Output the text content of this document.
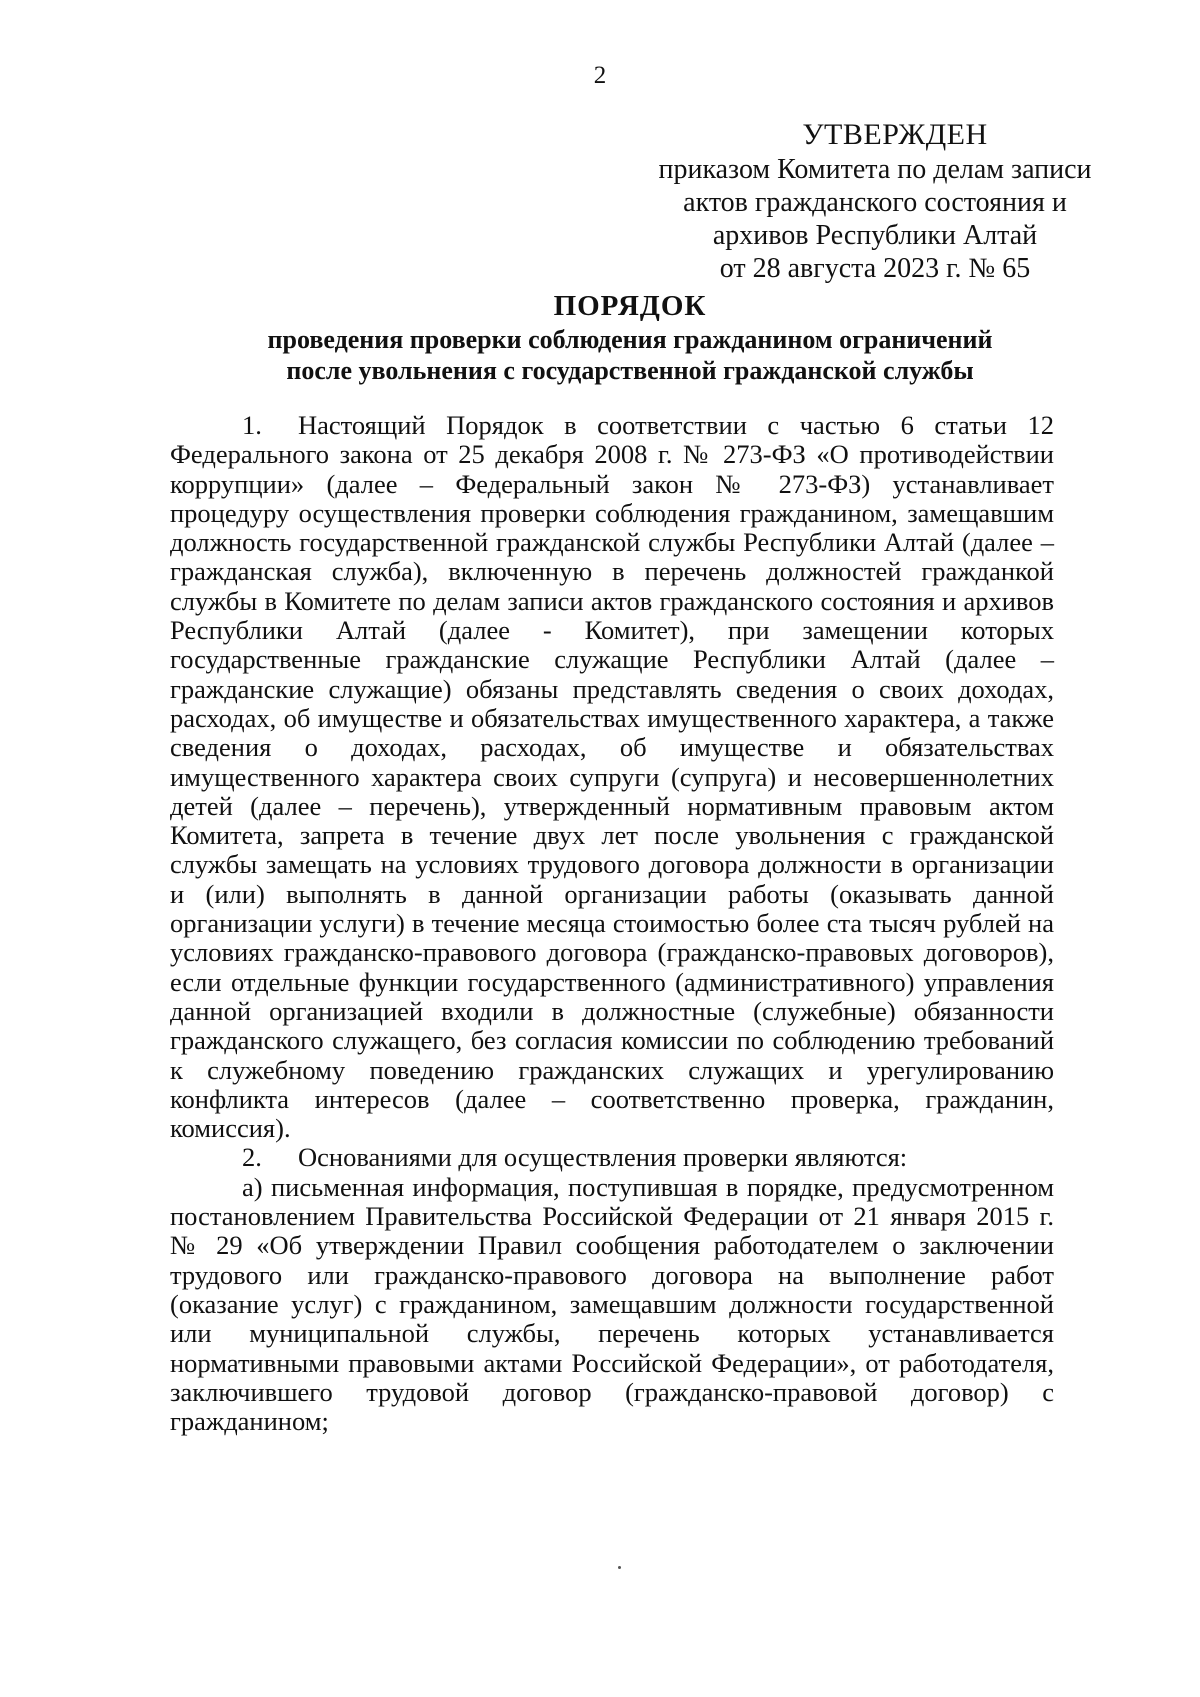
2
УТВЕРЖДЕН
приказом Комитета по делам записи
актов гражданского состояния и
архивов Республики Алтай
от 28 августа 2023 г. № 65
ПОРЯДОК
проведения проверки соблюдения гражданином ограничений
после увольнения с государственной гражданской службы

1. Настоящий Порядок в соответствии с частью 6 статьи 12 Федерального закона от 25 декабря 2008 г. № 273-ФЗ «О противодействии коррупции» (далее – Федеральный закон № 273-ФЗ) устанавливает процедуру осуществления проверки соблюдения гражданином, замещавшим должность государственной гражданской службы Республики Алтай (далее – гражданская служба), включенную в перечень должностей гражданкой службы в Комитете по делам записи актов гражданского состояния и архивов Республики Алтай (далее - Комитет), при замещении которых государственные гражданские служащие Республики Алтай (далее – гражданские служащие) обязаны представлять сведения о своих доходах, расходах, об имуществе и обязательствах имущественного характера, а также сведения о доходах, расходах, об имуществе и обязательствах имущественного характера своих супруги (супруга) и несовершеннолетних детей (далее – перечень), утвержденный нормативным правовым актом Комитета, запрета в течение двух лет после увольнения с гражданской службы замещать на условиях трудового договора должности в организации и (или) выполнять в данной организации работы (оказывать данной организации услуги) в течение месяца стоимостью более ста тысяч рублей на условиях гражданско-правового договора (гражданско-правовых договоров), если отдельные функции государственного (административного) управления данной организацией входили в должностные (служебные) обязанности гражданского служащего, без согласия комиссии по соблюдению требований к служебному поведению гражданских служащих и урегулированию конфликта интересов (далее – соответственно проверка, гражданин, комиссия).

2. Основаниями для осуществления проверки являются:

а) письменная информация, поступившая в порядке, предусмотренном постановлением Правительства Российской Федерации от 21 января 2015 г. № 29 «Об утверждении Правил сообщения работодателем о заключении трудового или гражданско-правового договора на выполнение работ (оказание услуг) с гражданином, замещавшим должности государственной или муниципальной службы, перечень которых устанавливается нормативными правовыми актами Российской Федерации», от работодателя, заключившего трудовой договор (гражданско-правовой договор) с гражданином;
